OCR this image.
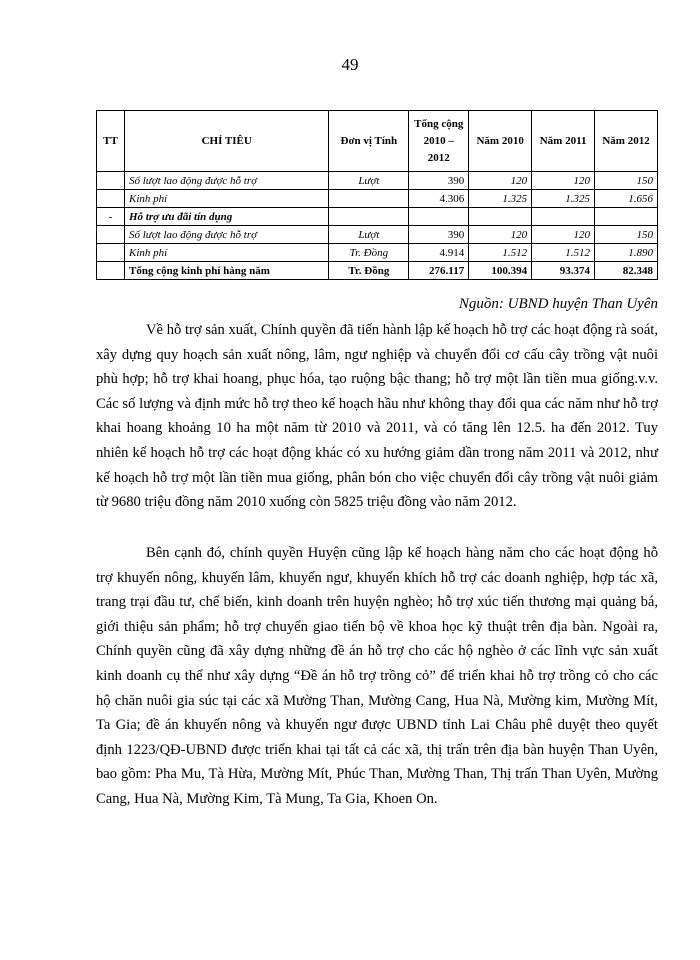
49
TT	CHỈ TIÊU	Đơn vị Tính	Tổng cộng 2010 – 2012	Năm 2010	Năm 2011	Năm 2012
	Số lượt lao động được hỗ trợ	Lượt	390	120	120	150
	Kinh phí		4.306	1.325	1.325	1.656
-	Hỗ trợ ưu đãi tín dụng					
	Số lượt lao động được hỗ trợ	Lượt	390	120	120	150
	Kinh phí	Tr. Đồng	4.914	1.512	1.512	1.890
	Tổng cộng kinh phí hàng năm	Tr. Đồng	276.117	100.394	93.374	82.348
Nguồn: UBND huyện Than Uyên

Về hỗ trợ sản xuất, Chính quyền đã tiến hành lập kế hoạch hỗ trợ các hoạt động rà soát, xây dựng quy hoạch sản xuất nông, lâm, ngư nghiệp và chuyển đổi cơ cấu cây trồng vật nuôi phù hợp; hỗ trợ khai hoang, phục hóa, tạo ruộng bậc thang; hỗ trợ một lần tiền mua giống.v.v. Các số lượng và định mức hỗ trợ theo kế hoạch hầu như không thay đổi qua các năm như hỗ trợ khai hoang khoảng 10 ha một năm từ 2010 và 2011, và có tăng lên 12.5. ha đến 2012. Tuy nhiên kế hoạch hỗ trợ các hoạt động khác có xu hướng giảm dần trong năm 2011 và 2012, như kế hoạch hỗ trợ một lần tiền mua giống, phân bón cho việc chuyển đổi cây trồng vật nuôi giảm từ 9680 triệu đồng năm 2010 xuống còn 5825 triệu đồng vào năm 2012.

Bên cạnh đó, chính quyền Huyện cũng lập kế hoạch hàng năm cho các hoạt động hỗ trợ khuyến nông, khuyến lâm, khuyến ngư, khuyến khích hỗ trợ các doanh nghiệp, hợp tác xã, trang trại đầu tư, chế biến, kinh doanh trên huyện nghèo; hỗ trợ xúc tiến thương mại quảng bá, giới thiệu sản phẩm; hỗ trợ chuyển giao tiến bộ về khoa học kỹ thuật trên địa bàn. Ngoài ra, Chính quyền cũng đã xây dựng những đề án hỗ trợ cho các hộ nghèo ở các lĩnh vực sản xuất kinh doanh cụ thể như xây dựng “Đề án hỗ trợ trồng cỏ” để triển khai hỗ trợ trồng cỏ cho các hộ chăn nuôi gia súc tại các xã Mường Than, Mường Cang, Hua Nà, Mường kim, Mường Mít, Ta Gia; đề án khuyến nông và khuyến ngư được UBND tỉnh Lai Châu phê duyệt theo quyết định 1223/QĐ-UBND được triển khai tại tất cả các xã, thị trấn trên địa bàn huyện Than Uyên, bao gồm: Pha Mu, Tà Hừa, Mường Mít, Phúc Than, Mường Than, Thị trấn Than Uyên, Mường Cang, Hua Nà, Mường Kim, Tà Mung, Ta Gia, Khoen On.
